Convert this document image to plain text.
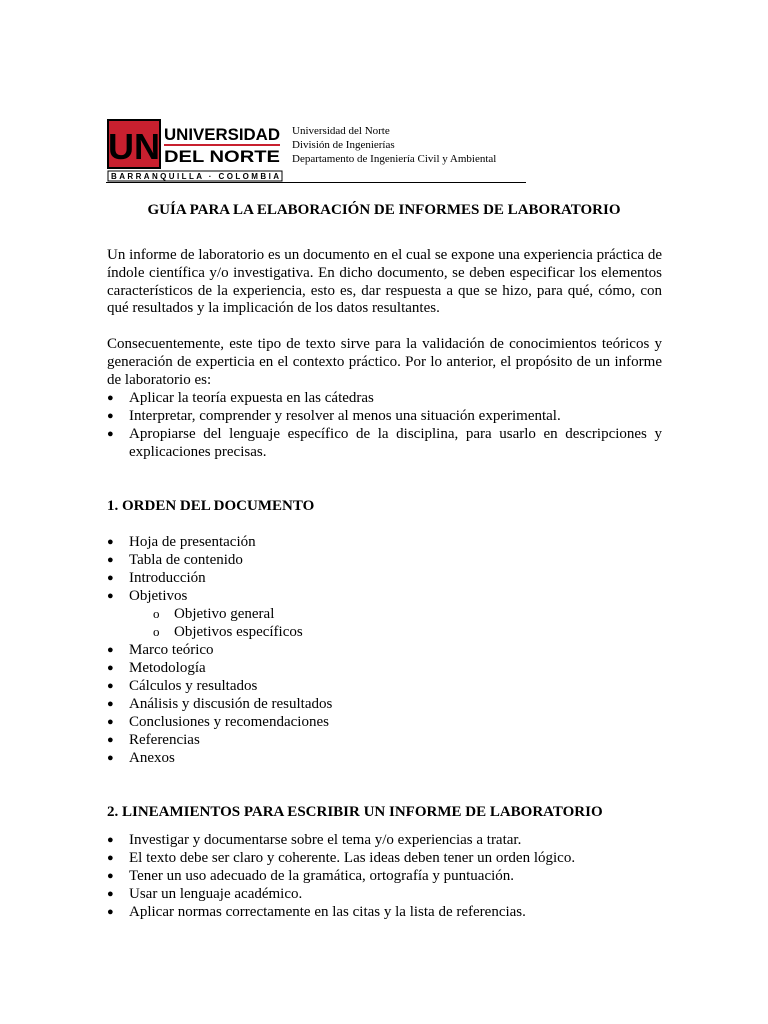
UN UNIVERSIDAD
DEL NORTE
BARRANQUILLA · COLOMBIA
Universidad del Norte
División de Ingenierías
Departamento de Ingeniería Civil y Ambiental
GUÍA PARA LA ELABORACIÓN DE INFORMES DE LABORATORIO
Un informe de laboratorio es un documento en el cual se expone una experiencia práctica de índole científica y/o investigativa. En dicho documento, se deben especificar los elementos característicos de la experiencia, esto es, dar respuesta a que se hizo, para qué, cómo, con qué resultados y la implicación de los datos resultantes.
Consecuentemente, este tipo de texto sirve para la validación de conocimientos teóricos y generación de experticia en el contexto práctico. Por lo anterior, el propósito de un informe de laboratorio es:
●	Aplicar la teoría expuesta en las cátedras
●	Interpretar, comprender y resolver al menos una situación experimental.
●	Apropiarse del lenguaje específico de la disciplina, para usarlo en descripciones y explicaciones precisas.
1. ORDEN DEL DOCUMENTO
●	Hoja de presentación
●	Tabla de contenido
●	Introducción
●	Objetivos
o Objetivo general
o Objetivos específicos
●	Marco teórico
●	Metodología
●	Cálculos y resultados
●	Análisis y discusión de resultados
●	Conclusiones y recomendaciones
●	Referencias
●	Anexos
2. LINEAMIENTOS PARA ESCRIBIR UN INFORME DE LABORATORIO
●	Investigar y documentarse sobre el tema y/o experiencias a tratar.
●	El texto debe ser claro y coherente. Las ideas deben tener un orden lógico.
●	Tener un uso adecuado de la gramática, ortografía y puntuación.
●	Usar un lenguaje académico.
●	Aplicar normas correctamente en las citas y la lista de referencias.
